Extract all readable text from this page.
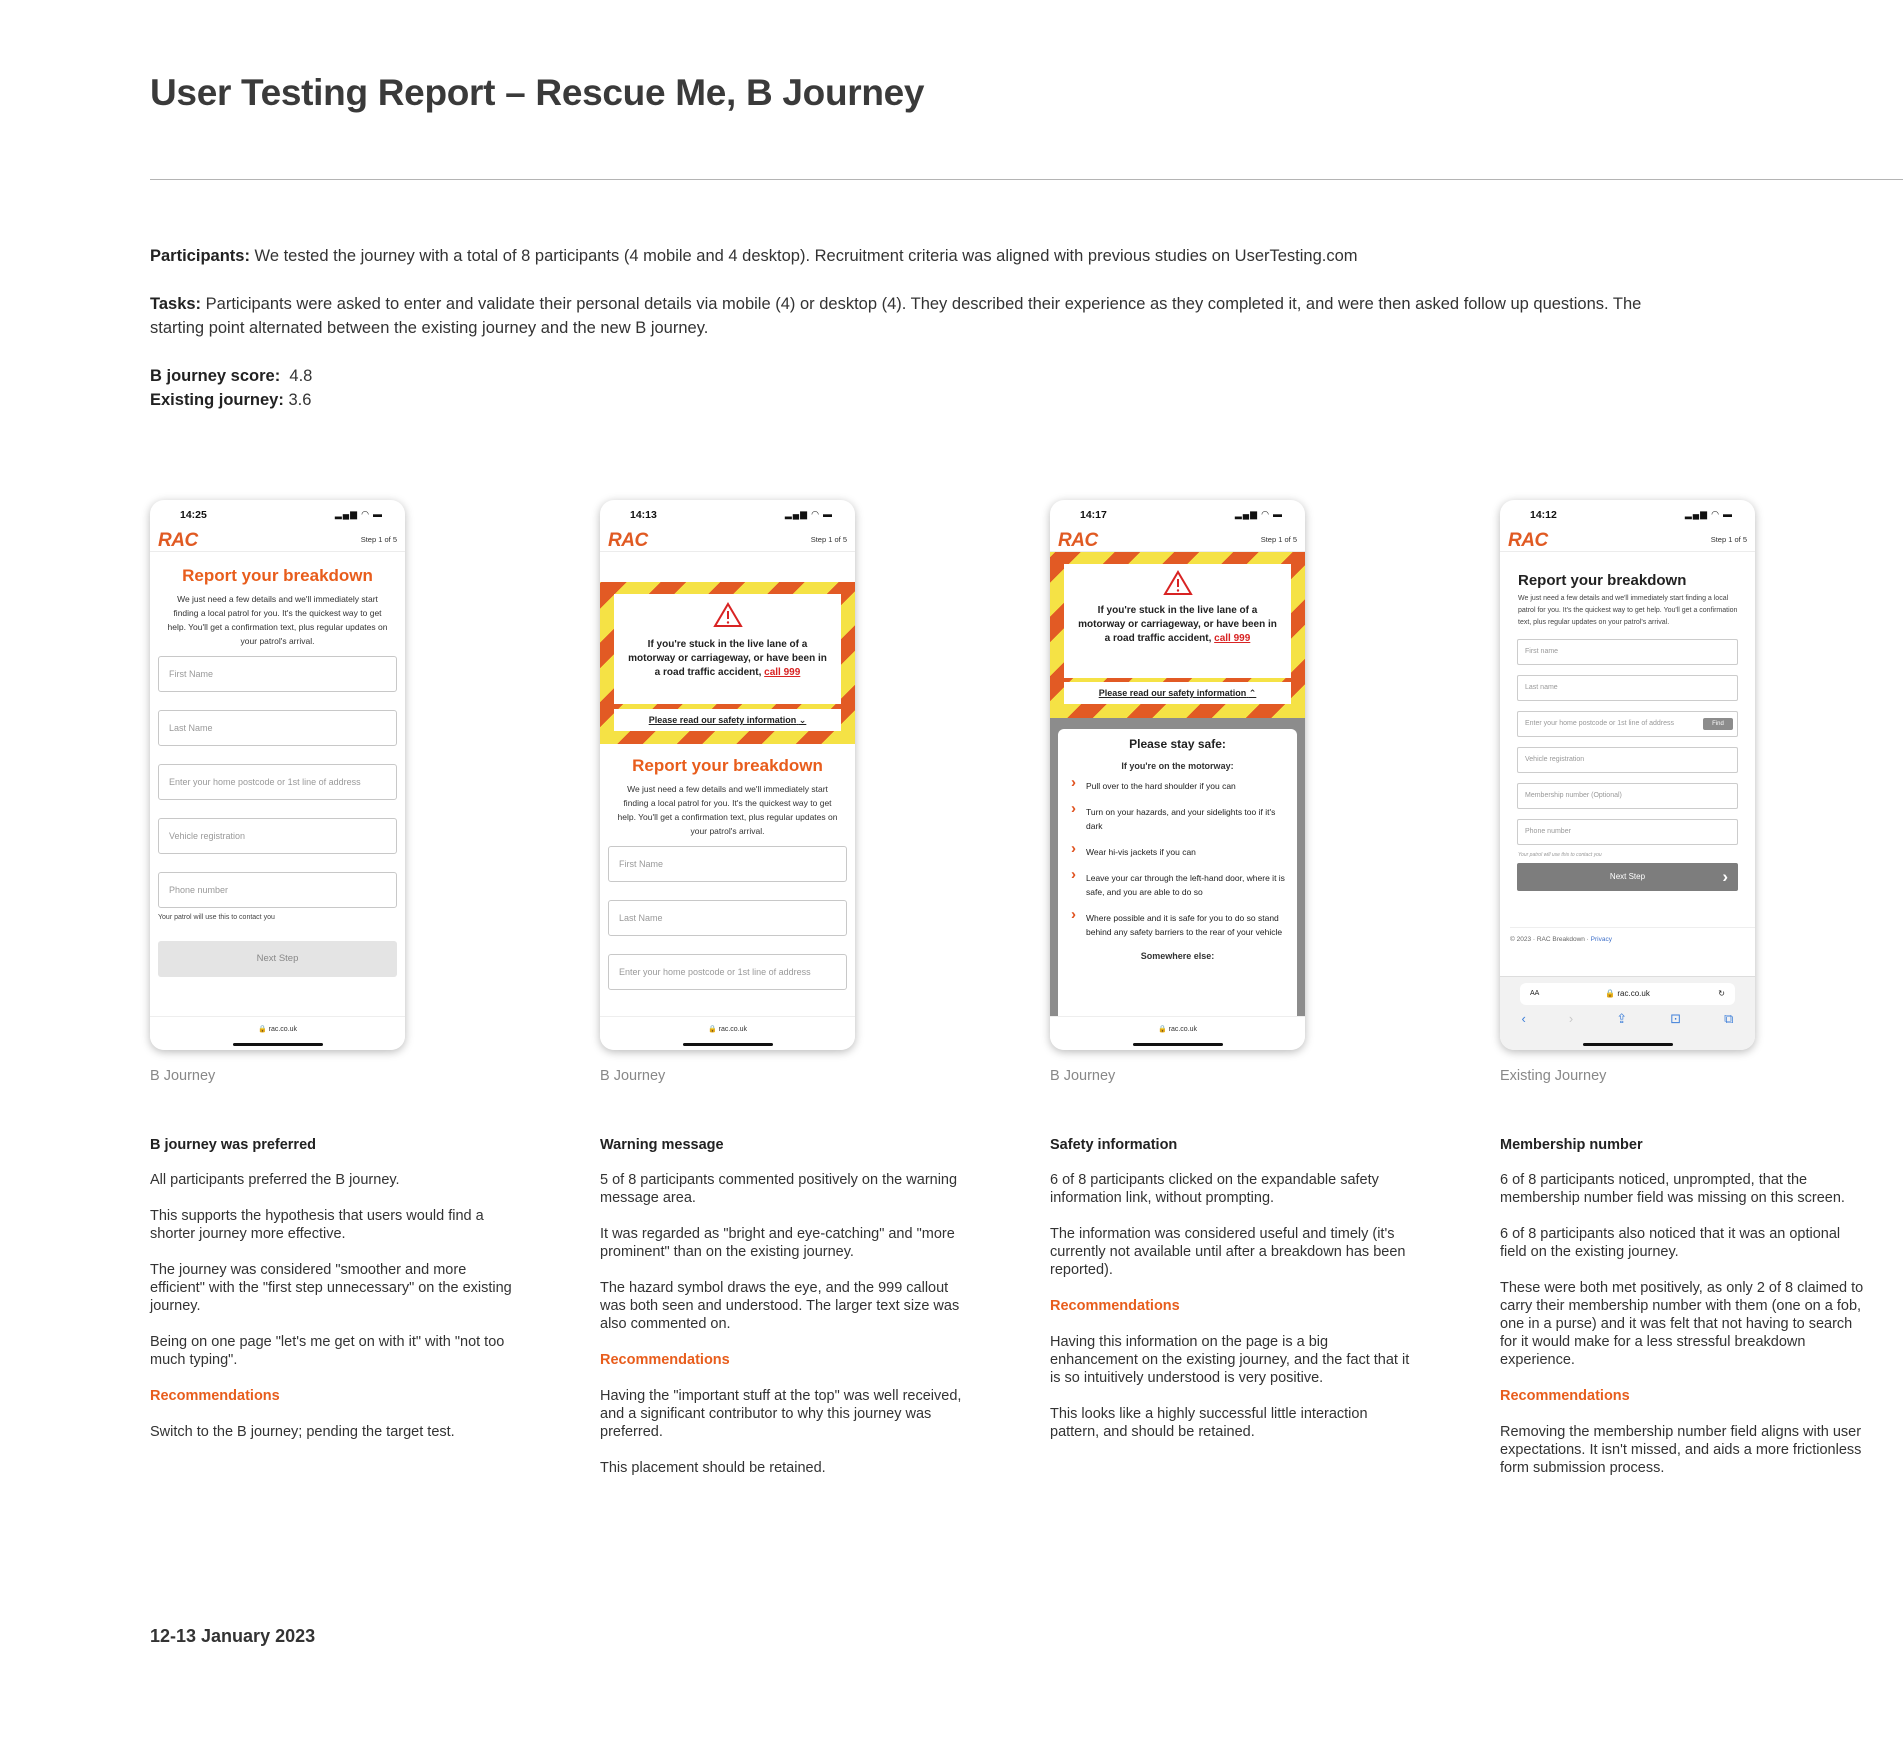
User Testing Report – Rescue Me, B Journey
Participants: We tested the journey with a total of 8 participants (4 mobile and 4 desktop). Recruitment criteria was aligned with previous studies on UserTesting.com
Tasks: Participants were asked to enter and validate their personal details via mobile (4) or desktop (4). They described their experience as they completed it, and were then asked follow up questions. The starting point alternated between the existing journey and the new B journey.
B journey score: 4.8
Existing journey: 3.6
14:25	▂▄▆ ◠ ▬
RAC	Step 1 of 5
Report your breakdown
We just need a few details and we'll immediately start finding a local patrol for you. It's the quickest way to get help. You'll get a confirmation text, plus regular updates on your patrol's arrival.
First Name
Last Name
Enter your home postcode or 1st line of address
Vehicle registration
Phone number
Your patrol will use this to contact you
Next Step
🔒 rac.co.uk
14:13	▂▄▆ ◠ ▬
RAC	Step 1 of 5
If you're stuck in the live lane of a motorway or carriageway, or have been in a road traffic accident, call 999
Please read our safety information ⌄
Report your breakdown
We just need a few details and we'll immediately start finding a local patrol for you. It's the quickest way to get help. You'll get a confirmation text, plus regular updates on your patrol's arrival.
First Name
Last Name
Enter your home postcode or 1st line of address
🔒 rac.co.uk
14:17	▂▄▆ ◠ ▬
RAC	Step 1 of 5
If you're stuck in the live lane of a motorway or carriageway, or have been in a road traffic accident, call 999
Please read our safety information ⌃
Please stay safe:
If you're on the motorway:
› Pull over to the hard shoulder if you can
› Turn on your hazards, and your sidelights too if it's dark
› Wear hi-vis jackets if you can
› Leave your car through the left-hand door, where it is safe, and you are able to do so
› Where possible and it is safe for you to do so stand behind any safety barriers to the rear of your vehicle
Somewhere else:
🔒 rac.co.uk
14:12	▂▄▆ ◠ ▬
RAC	Step 1 of 5
Report your breakdown
We just need a few details and we'll immediately start finding a local patrol for you. It's the quickest way to get help. You'll get a confirmation text, plus regular updates on your patrol's arrival.
First name
Last name
Enter your home postcode or 1st line of address	Find
Vehicle registration
Membership number (Optional)
Phone number
Your patrol will use this to contact you
Next Step	›
© 2023 · RAC Breakdown · Privacy
AA	🔒 rac.co.uk	↻
‹	›	⇪	⊡	⧉
B Journey	B Journey	B Journey	Existing Journey
B journey was preferred

All participants preferred the B journey.

This supports the hypothesis that users would find a shorter journey more effective.

The journey was considered "smoother and more efficient" with the "first step unnecessary" on the existing journey.

Being on one page "let's me get on with it" with "not too much typing".

Recommendations

Switch to the B journey; pending the target test.

Warning message

5 of 8 participants commented positively on the warning message area.

It was regarded as "bright and eye-catching" and "more prominent" than on the existing journey.

The hazard symbol draws the eye, and the 999 callout was both seen and understood. The larger text size was also commented on.

Recommendations

Having the "important stuff at the top" was well received, and a significant contributor to why this journey was preferred.

This placement should be retained.

Safety information

6 of 8 participants clicked on the expandable safety information link, without prompting.

The information was considered useful and timely (it's currently not available until after a breakdown has been reported).

Recommendations

Having this information on the page is a big enhancement on the existing journey, and the fact that it is so intuitively understood is very positive.

This looks like a highly successful little interaction pattern, and should be retained.

Membership number

6 of 8 participants noticed, unprompted, that the membership number field was missing on this screen.

6 of 8 participants also noticed that it was an optional field on the existing journey.

These were both met positively, as only 2 of 8 claimed to carry their membership number with them (one on a fob, one in a purse) and it was felt that not having to search for it would make for a less stressful breakdown experience.

Recommendations

Removing the membership number field aligns with user expectations. It isn't missed, and aids a more frictionless form submission process.

12-13 January 2023
